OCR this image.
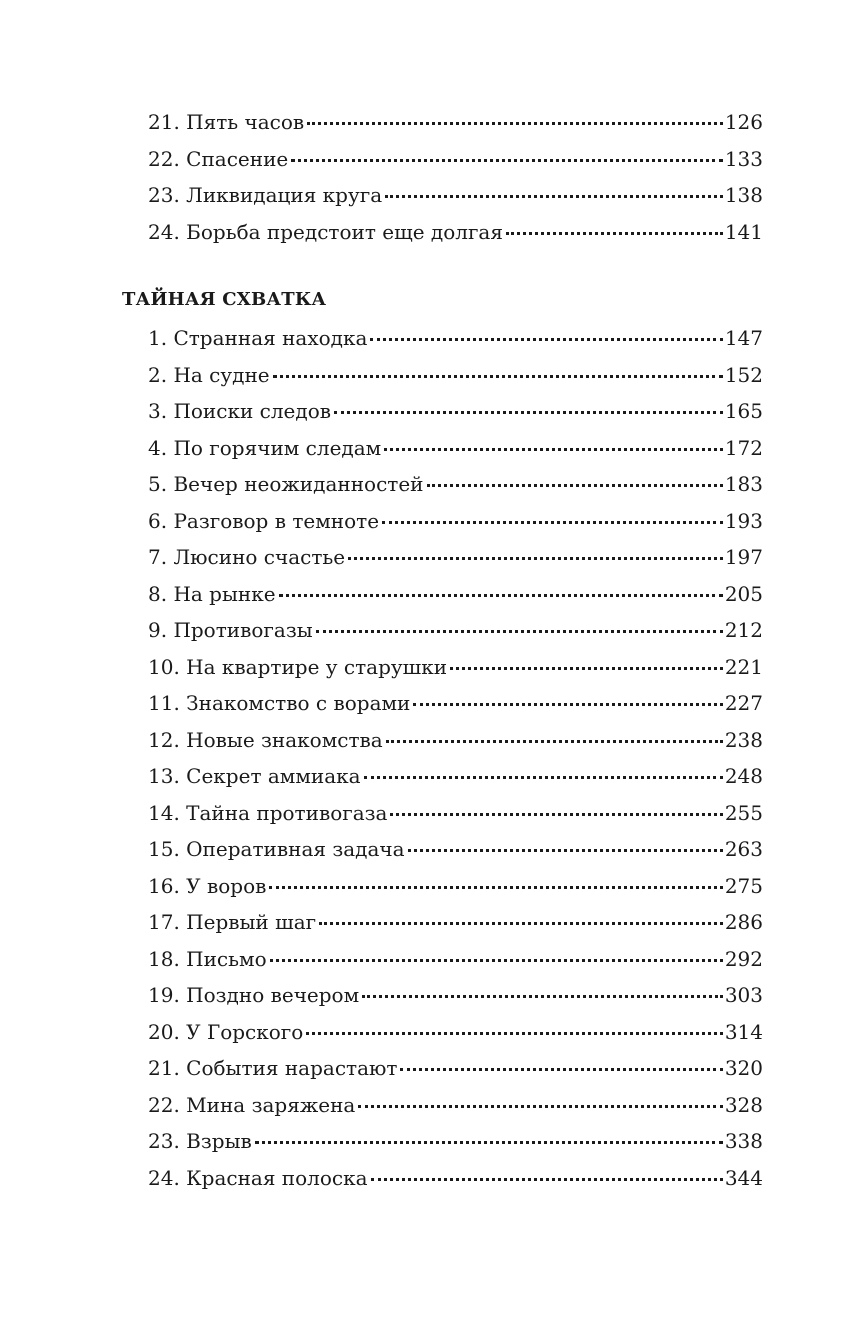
21. Пять часов	126
22. Спасение	133
23. Ликвидация круга	138
24. Борьба предстоит еще долгая	141
ТАЙНАЯ СХВАТКА
1. Странная находка	147
2. На судне	152
3. Поиски следов	165
4. По горячим следам	172
5. Вечер неожиданностей	183
6. Разговор в темноте	193
7. Люсино счастье	197
8. На рынке	205
9. Противогазы	212
10. На квартире у старушки	221
11. Знакомство с ворами	227
12. Новые знакомства	238
13. Секрет аммиака	248
14. Тайна противогаза	255
15. Оперативная задача	263
16. У воров	275
17. Первый шаг	286
18. Письмо	292
19. Поздно вечером	303
20. У Горского	314
21. События нарастают	320
22. Мина заряжена	328
23. Взрыв	338
24. Красная полоска	344
